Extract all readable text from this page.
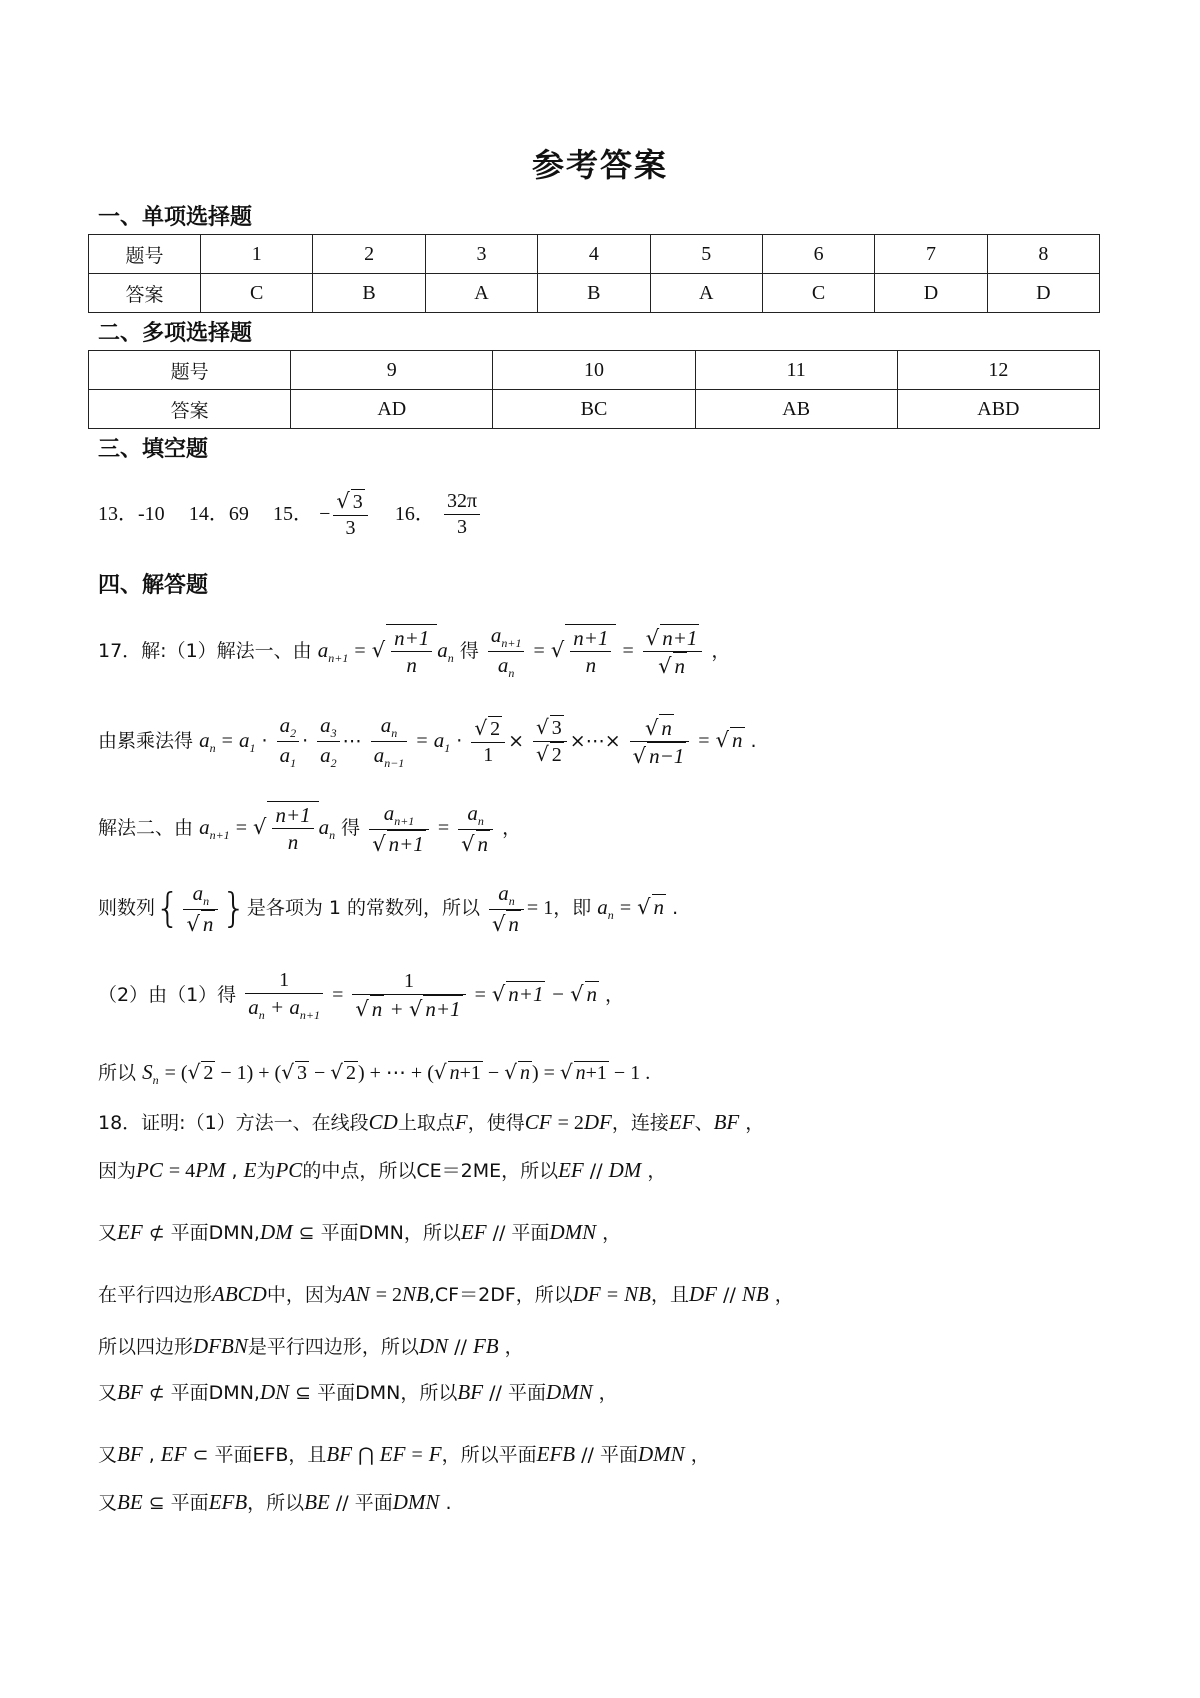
参考答案
一、单项选择题
题号	1	2	3	4	5	6	7	8
答案	C	B	A	B	A	C	D	D
二、多项选择题
题号	9	10	11	12
答案	AD	BC	AB	ABD
三、填空题
13．-10 14．69 15． − √ $\frac{3}{3} 16$． $\frac{32\pi}{3}$
四、解答题
17．解:（1）解法一、由 $a_{n+1}$ = √ $\frac{n+1}{n} a_n$ 得 $\frac{a_{n+1}}{a_n}$ = √ $\frac{n+1}{n}$ = √ n+1
√ n ，
由累乘法得 $a_n = a_1 \cdot \frac{a_2}{a_1} \cdot \frac{a_3}{a_2}$ ⋯ $\frac{a_n}{a_{n-1}} = a_1$ · √ $\frac{2}{1}$ × √ 3
√ 2 ×⋯× √ n
√ n−1 = √ n .
解法二、由 $a_{n+1}$ = √ $\frac{n+1}{n} a_n$ 得 $a_{n+1}$
√ $n+1 = a_n$
√ n ，
则数列{ $a_n$
√ n }是各项为 1 的常数列，所以 $a_n$
√ n = 1，即 $a_n$ = √ n .
（2）由（1）得 $\frac{1}{a_n + a_{n+1}} = 1$
√ n + √ n+1 = √ n+1 − √ n ，
所以 $S_n$ = ( √ 2 − 1) + ( √ 3 − √ 2 ) + ⋯ + ( √ n+1 − √ n ) = √ n+1 − 1 .
18．证明:（1）方法一、在线段CD上取点F，使得CF = 2DF，连接EF、BF ，
因为PC = 4PM , E为PC的中点，所以CE＝2ME，所以EF // DM ，
又EF ⊄ 平面DMN,DM ⊆ 平面DMN，所以EF // 平面DMN ，
在平行四边形ABCD中，因为AN = 2NB,CF＝2DF，所以DF = NB，且DF // NB ，
所以四边形DFBN是平行四边形，所以DN // FB ，
又BF ⊄ 平面DMN,DN ⊆ 平面DMN，所以BF // 平面DMN ，
又BF , EF ⊂ 平面EFB，且BF ⋂ EF = F，所以平面EFB // 平面DMN ，
又BE ⊆ 平面EFB，所以BE // 平面DMN .
